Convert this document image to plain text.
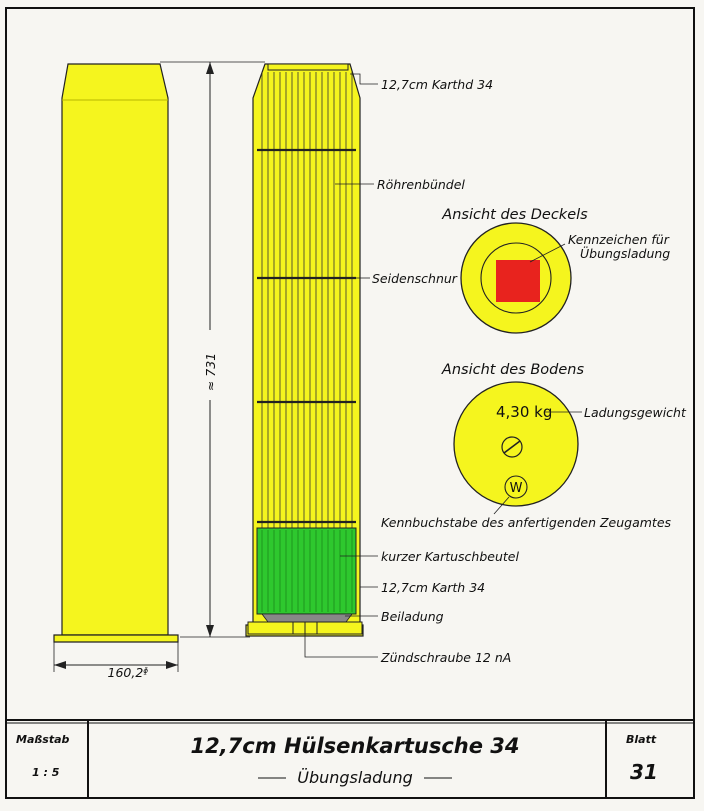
≈ 731
160,2ᶲ
12,7cm Karthd 34
Röhrenbündel
Seidenschnur
kurzer Kartuschbeutel
12,7cm Karth 34
Beiladung
Zündschraube 12 nA
Ansicht des Deckels
Kennzeichen für
Übungsladung
Ansicht des Bodens
4,30 kg	Ladungsgewicht
W
Kennbuchstabe des anfertigenden Zeugamtes
Maßstab
1 : 5
12,7cm Hülsenkartusche 34
Übungsladung
Blatt
31
